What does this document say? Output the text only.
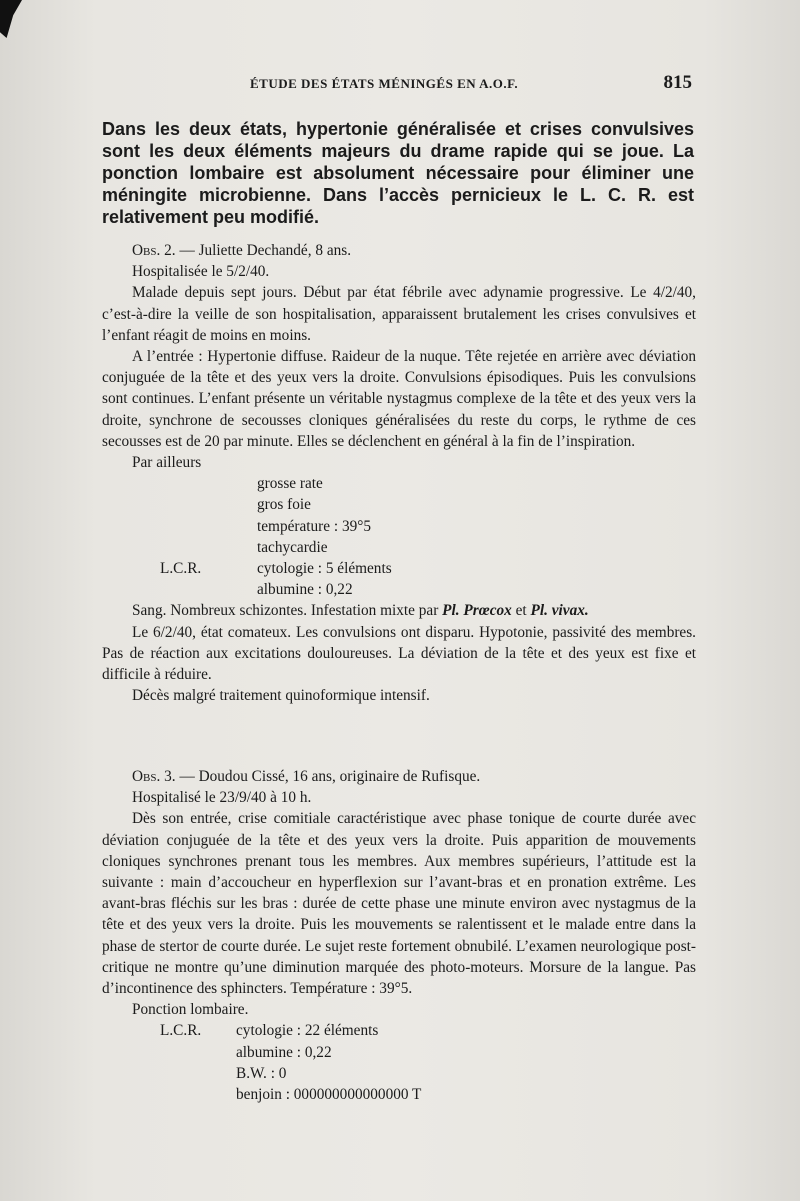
ÉTUDE DES ÉTATS MÉNINGÉS EN A.O.F.	815
Dans les deux états, hypertonie généralisée et crises convulsives sont les deux éléments majeurs du drame rapide qui se joue. La ponction lombaire est absolument nécessaire pour éliminer une méningite microbienne. Dans l’accès pernicieux le L. C. R. est relativement peu modifié.

Obs. 2. — Juliette Dechandé, 8 ans.

Hospitalisée le 5/2/40.

Malade depuis sept jours. Début par état fébrile avec adynamie progressive. Le 4/2/40, c’est-à-dire la veille de son hospitalisation, apparaissent brutalement les crises convulsives et l’enfant réagit de moins en moins.

A l’entrée : Hypertonie diffuse. Raideur de la nuque. Tête rejetée en arrière avec déviation conjuguée de la tête et des yeux vers la droite. Convulsions épisodiques. Puis les convulsions sont continues. L’enfant présente un véritable nystagmus complexe de la tête et des yeux vers la droite, synchrone de secousses cloniques généralisées du reste du corps, le rythme de ces secousses est de 20 par minute. Elles se déclenchent en général à la fin de l’inspiration.

Par ailleurs

grosse rate
gros foie
température : 39°5
tachycardie
L.C.R.	cytologie : 5 éléments
albumine : 0,22

Sang. Nombreux schizontes. Infestation mixte par Pl. Prœcox et Pl. vivax.

Le 6/2/40, état comateux. Les convulsions ont disparu. Hypotonie, passivité des membres. Pas de réaction aux excitations douloureuses. La déviation de la tête et des yeux est fixe et difficile à réduire.

Décès malgré traitement quinoformique intensif.

Obs. 3. — Doudou Cissé, 16 ans, originaire de Rufisque.

Hospitalisé le 23/9/40 à 10 h.

Dès son entrée, crise comitiale caractéristique avec phase tonique de courte durée avec déviation conjuguée de la tête et des yeux vers la droite. Puis apparition de mouvements cloniques synchrones prenant tous les membres. Aux membres supérieurs, l’attitude est la suivante : main d’accoucheur en hyperflexion sur l’avant-bras et en pronation extrême. Les avant-bras fléchis sur les bras : durée de cette phase une minute environ avec nystagmus de la tête et des yeux vers la droite. Puis les mouvements se ralentissent et le malade entre dans la phase de stertor de courte durée. Le sujet reste fortement obnubilé. L’examen neurologique post-critique ne montre qu’une diminution marquée des photo-moteurs. Morsure de la langue. Pas d’incontinence des sphincters. Température : 39°5.

Ponction lombaire.

L.C.R.	cytologie : 22 éléments
albumine : 0,22
B.W. : 0
benjoin : 000000000000000 T
